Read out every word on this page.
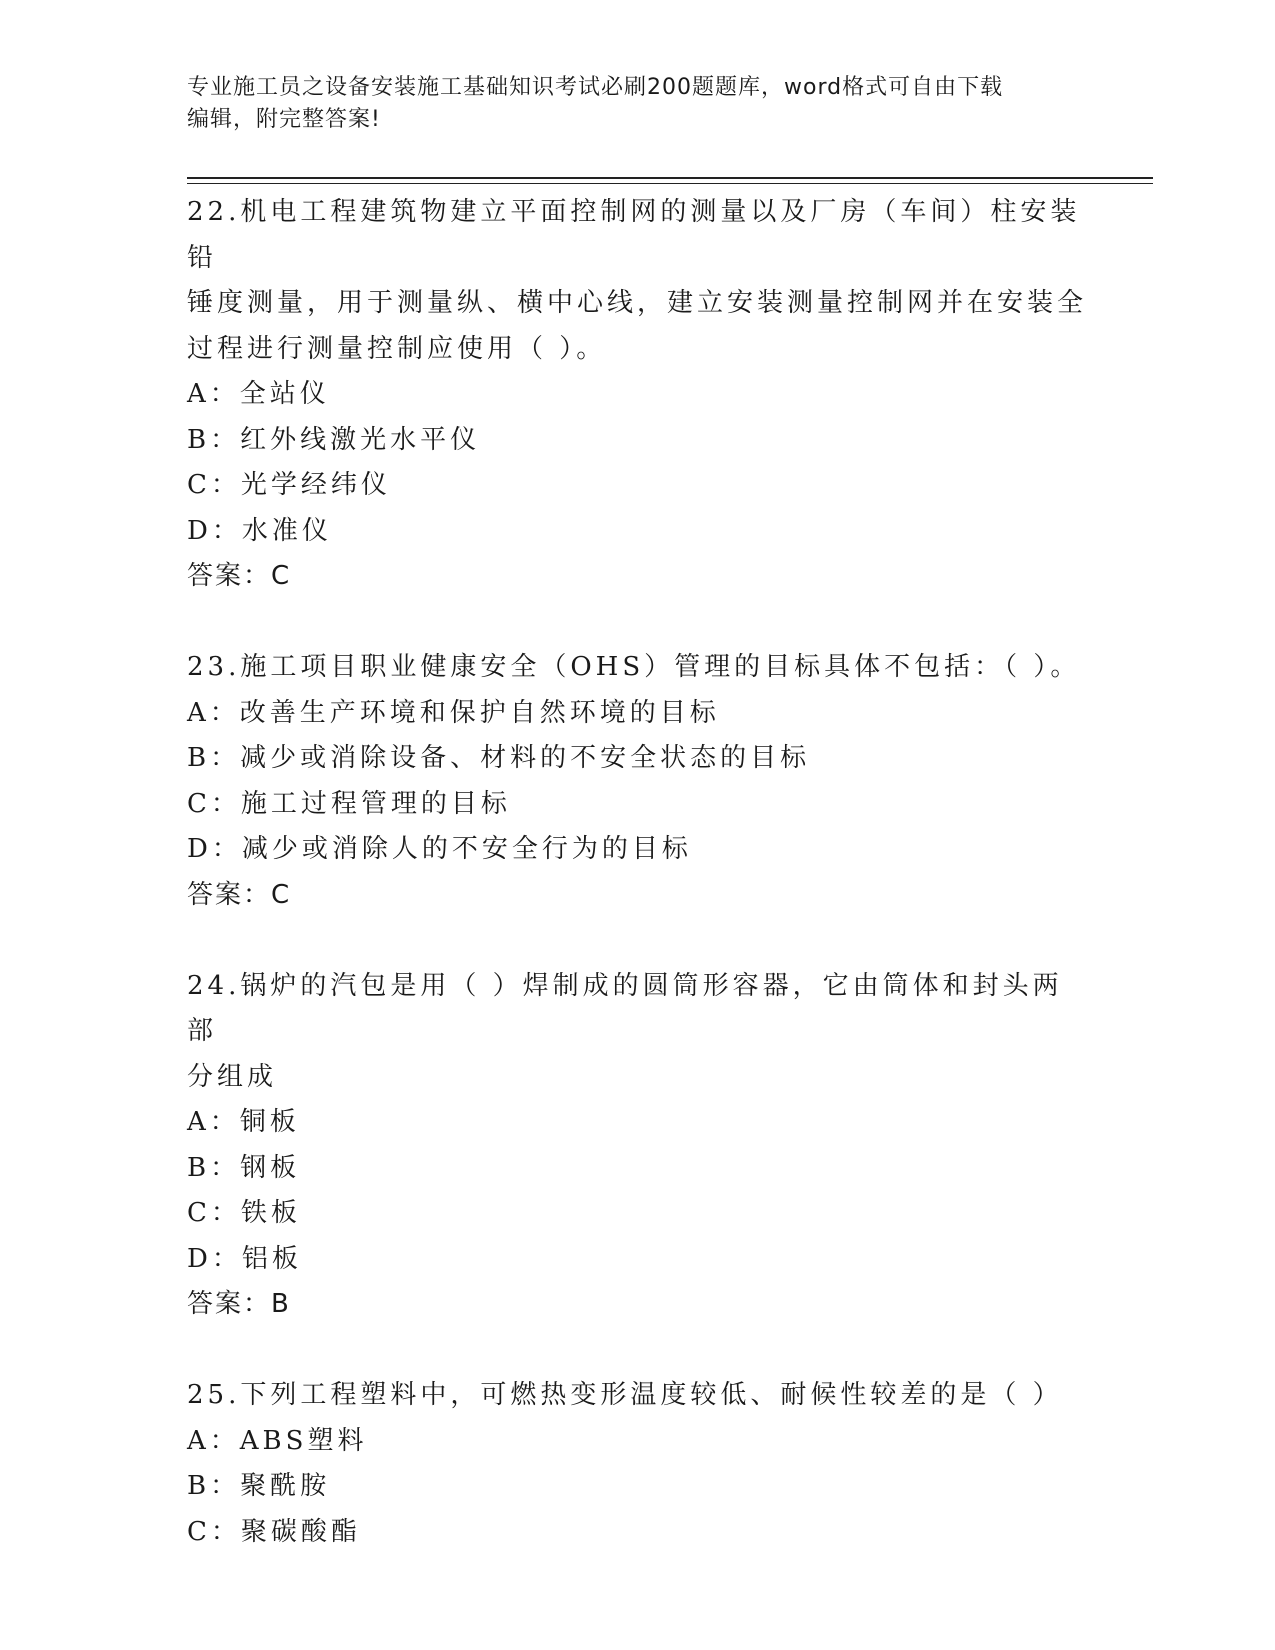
专业施工员之设备安装施工基础知识考试必刷200题题库，word格式可自由下载
编辑，附完整答案!

22.机电工程建筑物建立平面控制网的测量以及厂房（车间）柱安装铅

锤度测量，用于测量纵、横中心线，建立安装测量控制网并在安装全

过程进行测量控制应使用（ ）。

A：全站仪

B：红外线激光水平仪

C：光学经纬仪

D：水准仪

答案：C

23.施工项目职业健康安全（OHS）管理的目标具体不包括：（ ）。

A：改善生产环境和保护自然环境的目标

B：减少或消除设备、材料的不安全状态的目标

C：施工过程管理的目标

D：减少或消除人的不安全行为的目标

答案：C

24.锅炉的汽包是用（ ）焊制成的圆筒形容器，它由筒体和封头两部

分组成

A：铜板

B：钢板

C：铁板

D：铝板

答案：B

25.下列工程塑料中，可燃热变形温度较低、耐候性较差的是（ ）

A：ABS塑料

B：聚酰胺

C：聚碳酸酯
